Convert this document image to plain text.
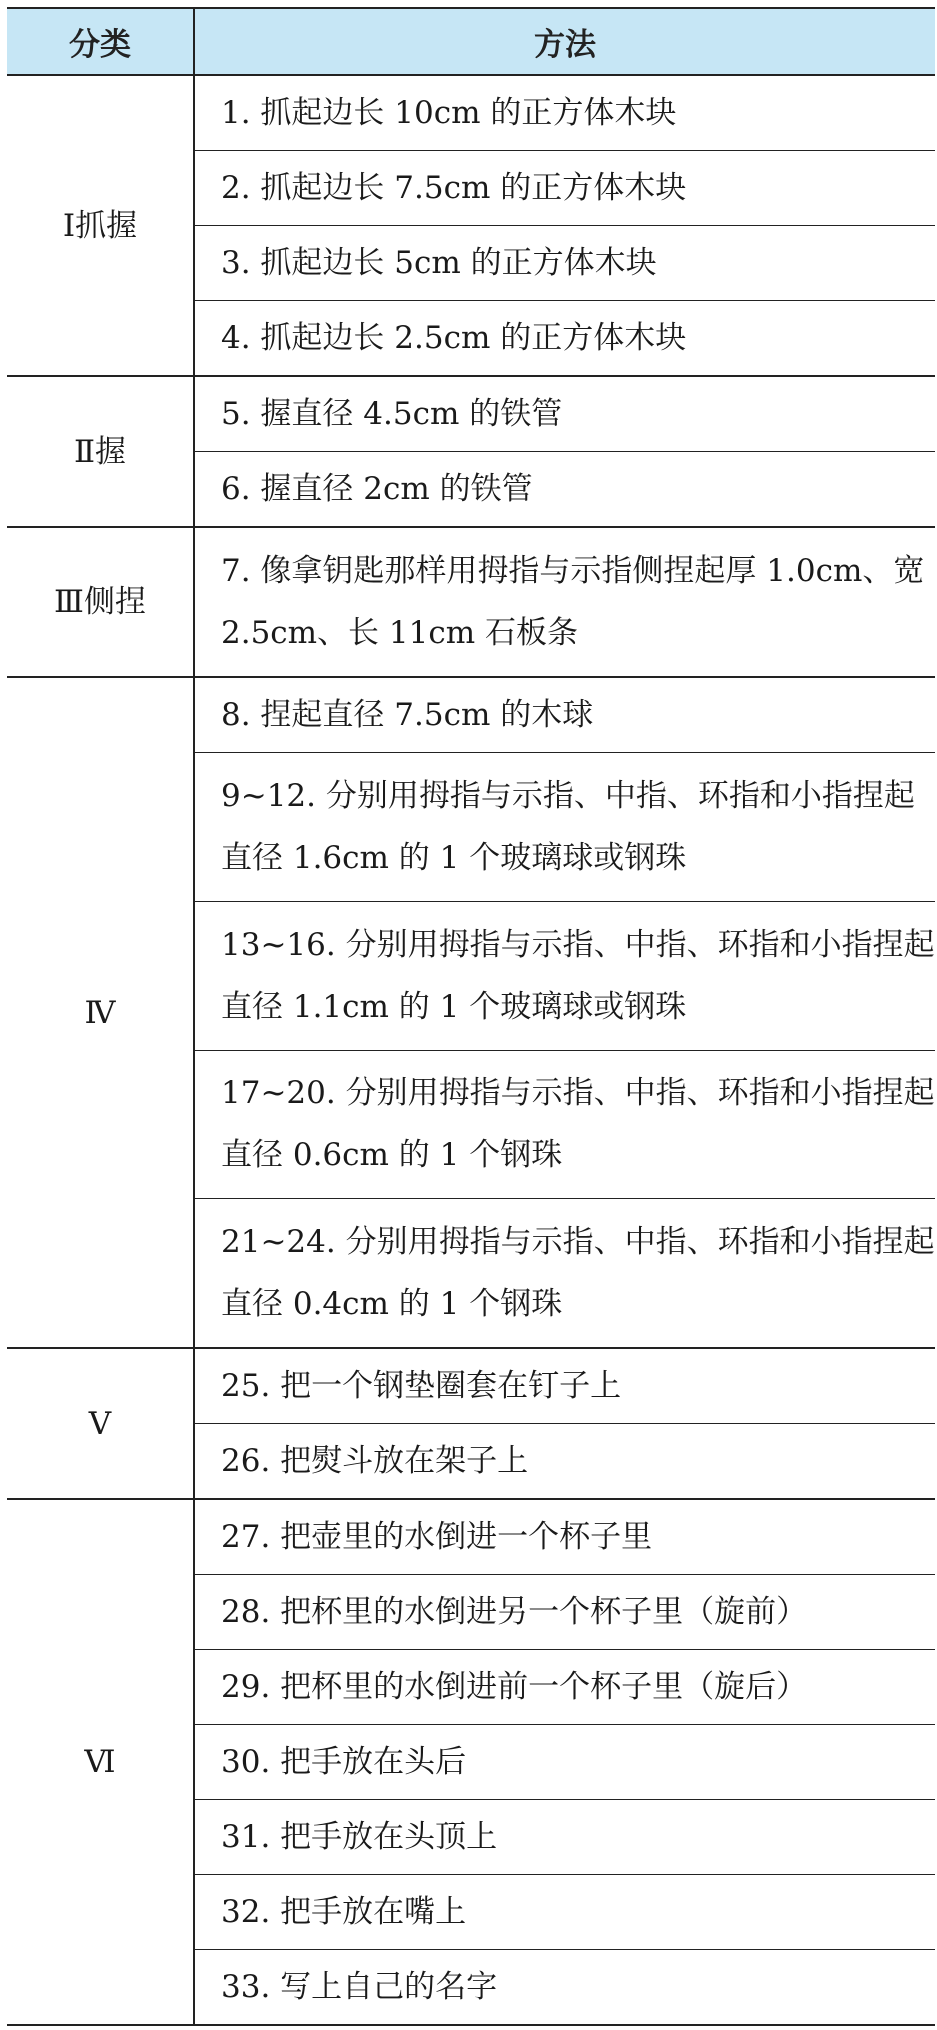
分类	方法
Ⅰ抓握	1. 抓起边长 10cm 的正方体木块
	2. 抓起边长 7.5cm 的正方体木块
	3. 抓起边长 5cm 的正方体木块
	4. 抓起边长 2.5cm 的正方体木块
Ⅱ握	5. 握直径 4.5cm 的铁管
	6. 握直径 2cm 的铁管
Ⅲ侧捏	7. 像拿钥匙那样用拇指与示指侧捏起厚 1.0cm、宽 2.5cm、长 11cm 石板条
Ⅳ	8. 捏起直径 7.5cm 的木球
	9~12. 分别用拇指与示指、中指、环指和小指捏起直径 1.6cm 的 1 个玻璃球或钢珠
	13~16. 分别用拇指与示指、中指、环指和小指捏起直径 1.1cm 的 1 个玻璃球或钢珠
	17~20. 分别用拇指与示指、中指、环指和小指捏起直径 0.6cm 的 1 个钢珠
	21~24. 分别用拇指与示指、中指、环指和小指捏起直径 0.4cm 的 1 个钢珠
Ⅴ	25. 把一个钢垫圈套在钉子上
	26. 把熨斗放在架子上
Ⅵ	27. 把壶里的水倒进一个杯子里
	28. 把杯里的水倒进另一个杯子里（旋前）
	29. 把杯里的水倒进前一个杯子里（旋后）
	30. 把手放在头后
	31. 把手放在头顶上
	32. 把手放在嘴上
	33. 写上自己的名字
